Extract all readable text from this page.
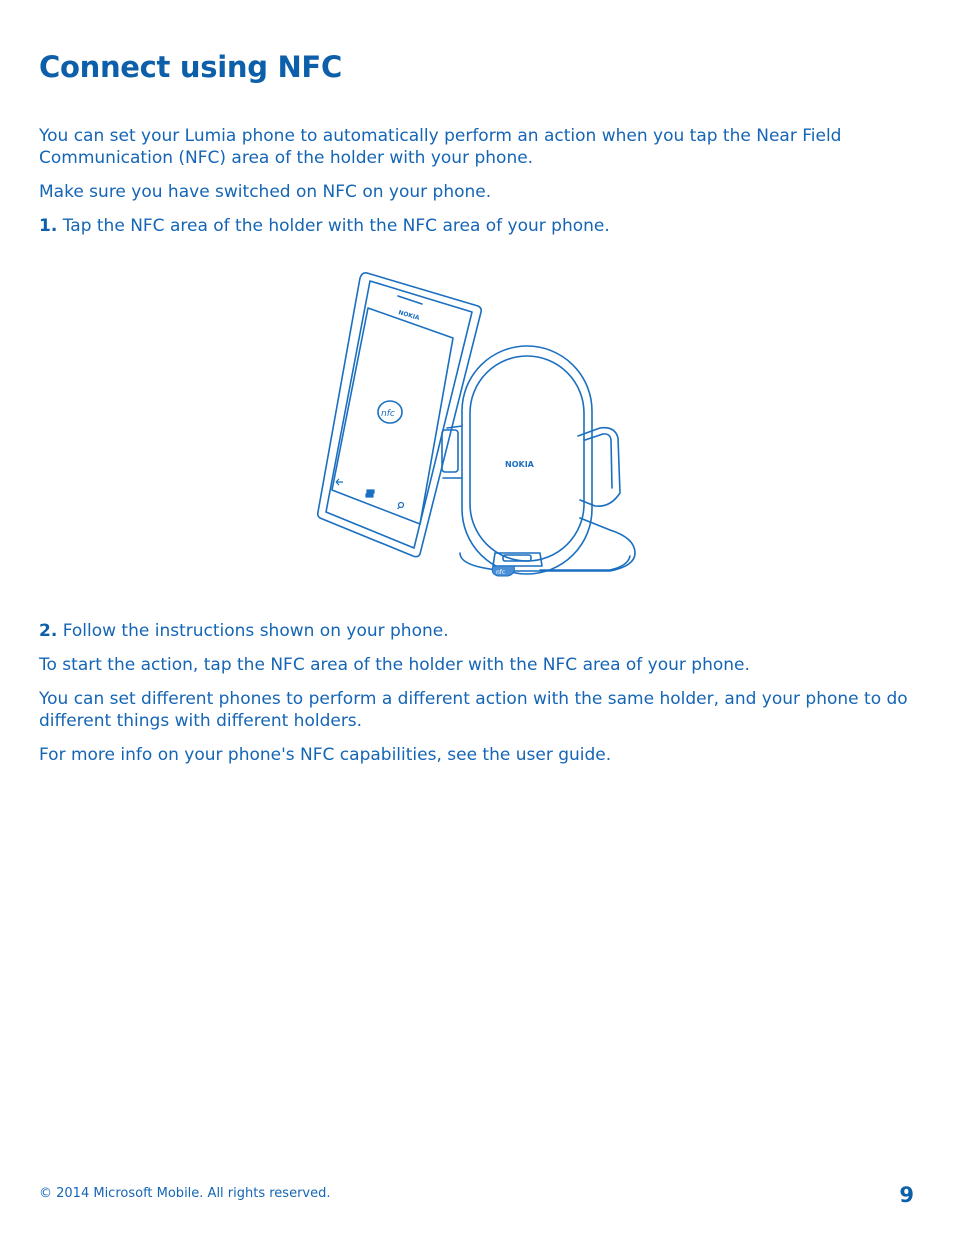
Connect using NFC

You can set your Lumia phone to automatically perform an action when you tap the Near Field Communication (NFC) area of the holder with your phone.

Make sure you have switched on NFC on your phone.

1. Tap the NFC area of the holder with the NFC area of your phone.

nfc
nfc
NOKIA
NOKIA

2. Follow the instructions shown on your phone.

To start the action, tap the NFC area of the holder with the NFC area of your phone.

You can set different phones to perform a different action with the same holder, and your phone to do different things with different holders.

For more info on your phone's NFC capabilities, see the user guide.

© 2014 Microsoft Mobile. All rights reserved.	9
